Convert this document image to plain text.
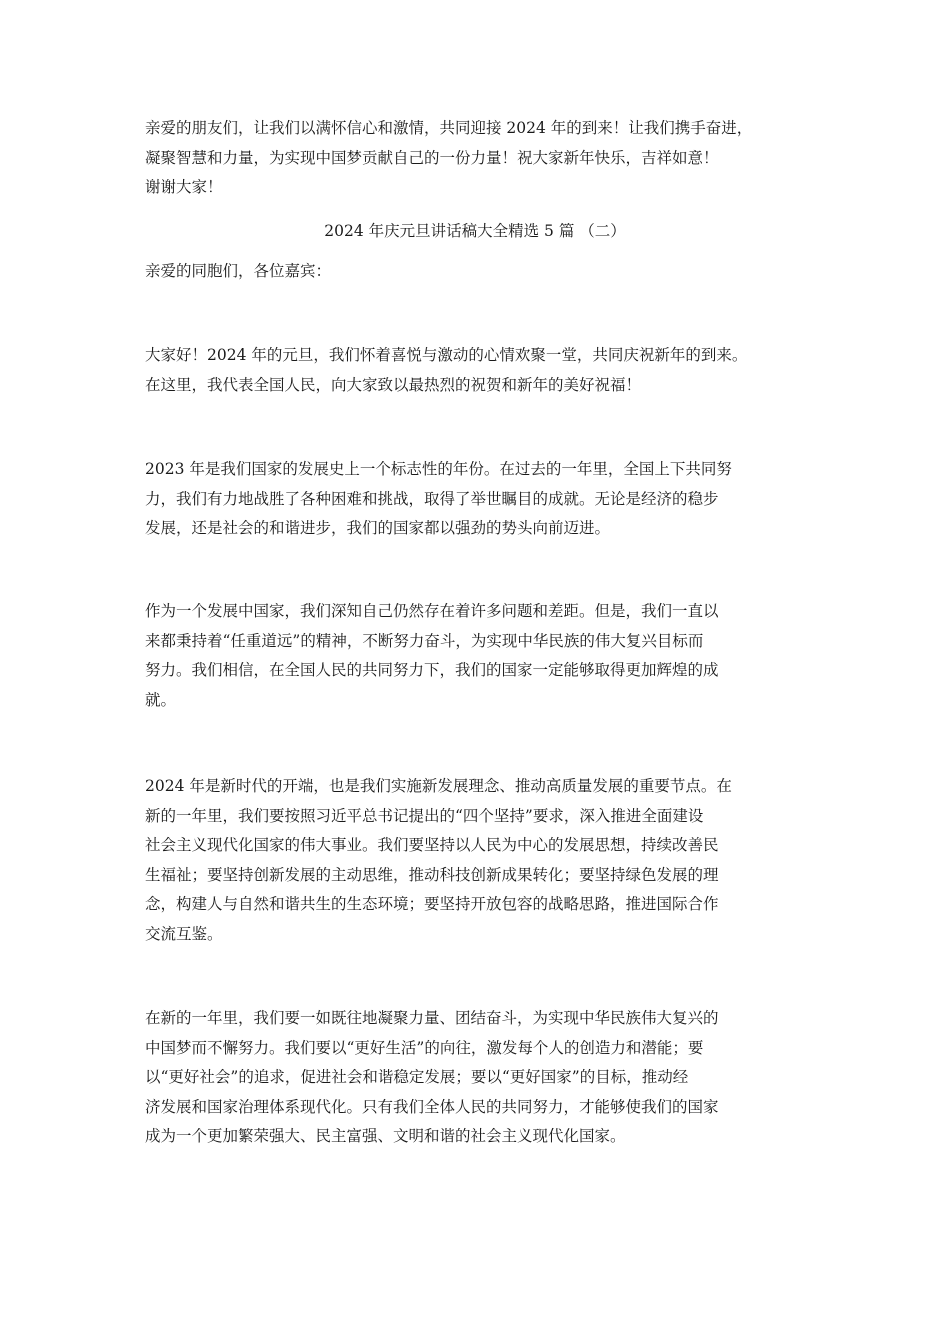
亲爱的朋友们，让我们以满怀信心和激情，共同迎接 2024 年的到来！让我们携手奋进，
凝聚智慧和力量，为实现中国梦贡献自己的一份力量！祝大家新年快乐，吉祥如意！
谢谢大家！
2024 年庆元旦讲话稿大全精选 5 篇 （二）
亲爱的同胞们，各位嘉宾：
大家好！2024 年的元旦，我们怀着喜悦与激动的心情欢聚一堂，共同庆祝新年的到来。
在这里，我代表全国人民，向大家致以最热烈的祝贺和新年的美好祝福！
2023 年是我们国家的发展史上一个标志性的年份。在过去的一年里，全国上下共同努
力，我们有力地战胜了各种困难和挑战，取得了举世瞩目的成就。无论是经济的稳步
发展，还是社会的和谐进步，我们的国家都以强劲的势头向前迈进。
作为一个发展中国家，我们深知自己仍然存在着许多问题和差距。但是，我们一直以
来都秉持着“任重道远”的精神，不断努力奋斗，为实现中华民族的伟大复兴目标而
努力。我们相信，在全国人民的共同努力下，我们的国家一定能够取得更加辉煌的成
就。
2024 年是新时代的开端，也是我们实施新发展理念、推动高质量发展的重要节点。在
新的一年里，我们要按照习近平总书记提出的“四个坚持”要求，深入推进全面建设
社会主义现代化国家的伟大事业。我们要坚持以人民为中心的发展思想，持续改善民
生福祉；要坚持创新发展的主动思维，推动科技创新成果转化；要坚持绿色发展的理
念，构建人与自然和谐共生的生态环境；要坚持开放包容的战略思路，推进国际合作
交流互鉴。
在新的一年里，我们要一如既往地凝聚力量、团结奋斗，为实现中华民族伟大复兴的
中国梦而不懈努力。我们要以“更好生活”的向往，激发每个人的创造力和潜能；要
以“更好社会”的追求，促进社会和谐稳定发展；要以“更好国家”的目标，推动经
济发展和国家治理体系现代化。只有我们全体人民的共同努力，才能够使我们的国家
成为一个更加繁荣强大、民主富强、文明和谐的社会主义现代化国家。
